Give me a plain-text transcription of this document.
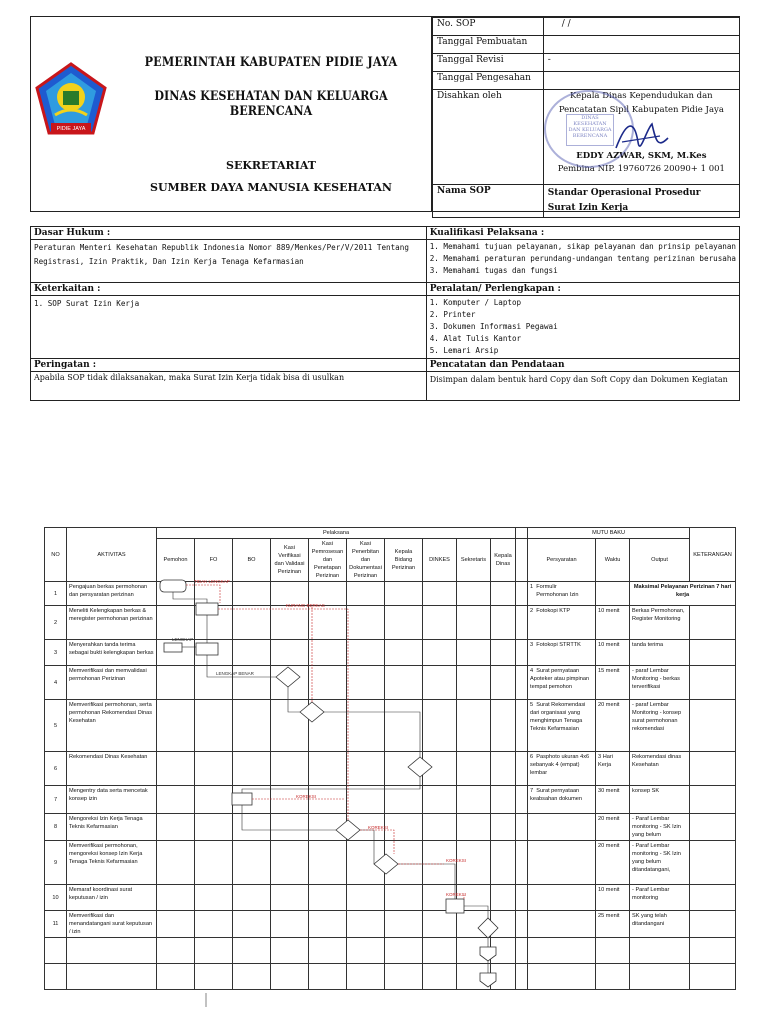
PIDIE JAYA
PEMERINTAH KABUPATEN PIDIE JAYA
DINAS KESEHATAN DAN KELUARGA BERENCANA
SEKRETARIAT
SUMBER DAYA MANUSIA KESEHATAN
No. SOP	/ /
Tanggal Pembuatan	
Tanggal Revisi	-
Tanggal Pengesahan	
Disahkan oleh	Kepala Dinas Kependudukan dan
Pencatatan Sipil Kabupaten Pidie Jaya
EDDY AZWAR, SKM, M.Kes
Pembina NIP. 19760726 20090+ 1 001

Nama SOP	Standar Operasional Prosedur
Surat Izin Kerja
DINAS KESEHATAN DAN KELUARGA BERENCANA
Dasar Hukum :	Kualifikasi Pelaksana :
Peraturan Menteri Kesehatan Republik Indonesia Nomor 889/Menkes/Per/V/2011 Tentang Registrasi, Izin Praktik, Dan Izin Kerja Tenaga Kefarmasian	1. Memahami tujuan pelayanan, sikap pelayanan dan prinsip pelayanan
2. Memahami peraturan perundang-undangan tentang perizinan berusaha
3. Memahami tugas dan fungsi

Keterkaitan :	Peralatan/ Perlengkapan :
1. SOP Surat Izin Kerja	1. Komputer / Laptop
2. Printer
3. Dokumen Informasi Pegawai
4. Alat Tulis Kantor
5. Lemari Arsip

Peringatan :	Pencatatan dan Pendataan
Apabila SOP tidak dilaksanakan, maka Surat Izin Kerja tidak bisa di usulkan	Disimpan dalam bentuk hard Copy dan Soft Copy dan Dokumen Kegiatan
NO	AKTIVITAS	Pelaksana											MUTU BAKU			KETERANGAN
		Pemohon	FO	BO	Kasi Verifikasi dan Validasi Perizinan	Kasi Pemrosesan dan Penetapan Perizinan	Kasi Penerbitan dan Dokumentasi Perizinan	Kepala Bidang Perizinan	DINKES	Sekretaris	Kepala Dinas		Persyaratan	Waktu	Output	
1	Pengajuan berkas permohonan dan persyaratan perizinan												1  Formulir
Permohonan Izin		Maksimal Pelayanan Perizinan 7 hari kerja	
2	Meneliti Kelengkapan berkas & meregister permohonan perizinan												2  Fotokopi KTP	10 menit	Berkas Permohonan, Register Monitoring	
3	Menyerahkan tanda terima sebagai bukti kelengkapan berkas												3  Fotokopi STRTTK	10 menit	tanda terima	
4	Memverifikasi dan memvalidasi permohonan Perizinan												4  Surat pernyataan Apoteker atau pimpinan tempat pemohon	15 menit	- paraf Lembar Monitoring - berkas terverifikasi	
5	Memverifikasi permohonan, serta permohonan Rekomendasi Dinas Kesehatan												5  Surat Rekomendasi dari organisasi yang menghimpun Tenaga Teknis Kefarmasian	20 menit	- paraf Lembar Monitoring - konsep surat permohonan rekomendasi	
6	Rekomendasi Dinas Kesehatan												6  Pasphoto ukuran 4x6 sebanyak 4 (empat) lembar	3 Hari Kerja	Rekomendasi dinas Kesehatan	
7	Mengentry data serta mencetak konsep izin												7  Surat pernyataan keabsahan dokumen	30 menit	konsep SK	
8	Mengoreksi Izin Kerja Tenaga Teknis Kefarmasian													20 menit	- Paraf Lembar monitoring - SK Izin yang belum	
9	Memverifikasi permohonan, mengoreksi konsep Izin Kerja Tenaga Teknis Kefarmasian													20 menit	- Paraf Lembar monitoring - SK Izin yang belum ditandatangani,	
10	Memaraf koordinasi surat keputusan / izin													10 menit	- Paraf Lembar monitoring	
11	Memverifikasi dan menandatangani surat keputusan / izin													25 menit	SK yang telah ditandangani	

TIDAK LENGKAP
KURANG BERKAS
KOREKSI
KOREKSI
KOREKSI
KOREKSI
LENGKAP
LENGKAP BENAR
